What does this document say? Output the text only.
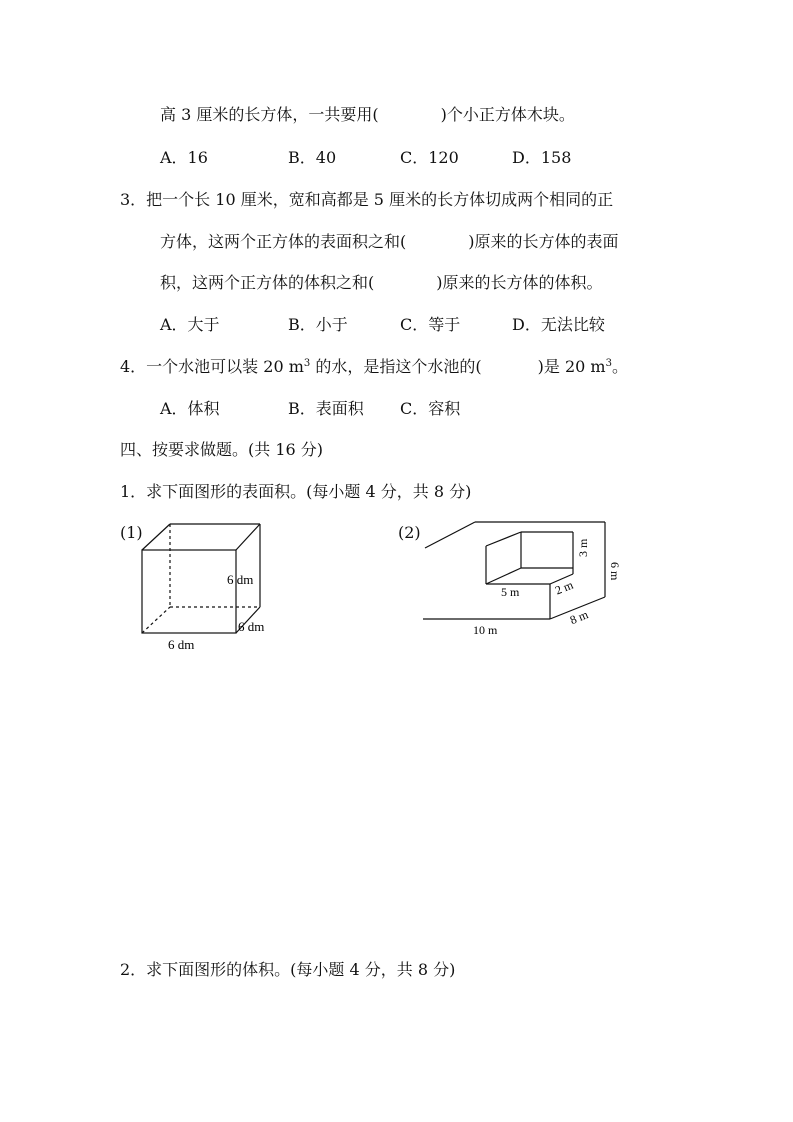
高 3 厘米的长方体，一共要用(	)个小正方体木块。
A．16	B．40	C．120	D．158
3．把一个长 10 厘米，宽和高都是 5 厘米的长方体切成两个相同的正
方体，这两个正方体的表面积之和(	)原来的长方体的表面
积，这两个正方体的体积之和(	)原来的长方体的体积。
A．大于	B．小于	C．等于	D．无法比较
4．一个水池可以装 20 $m^3$ 的水，是指这个水池的(	)是 20 $m^3$。
A．体积	B．表面积 C．容积
四、按要求做题。(共 16 分)
1．求下面图形的表面积。(每小题 4 分，共 8 分)
(1)
6 dm
6 dm
6 dm
(2)
3 m
6 m
2 m
5 m
10 m
8 m
2．求下面图形的体积。(每小题 4 分，共 8 分)
